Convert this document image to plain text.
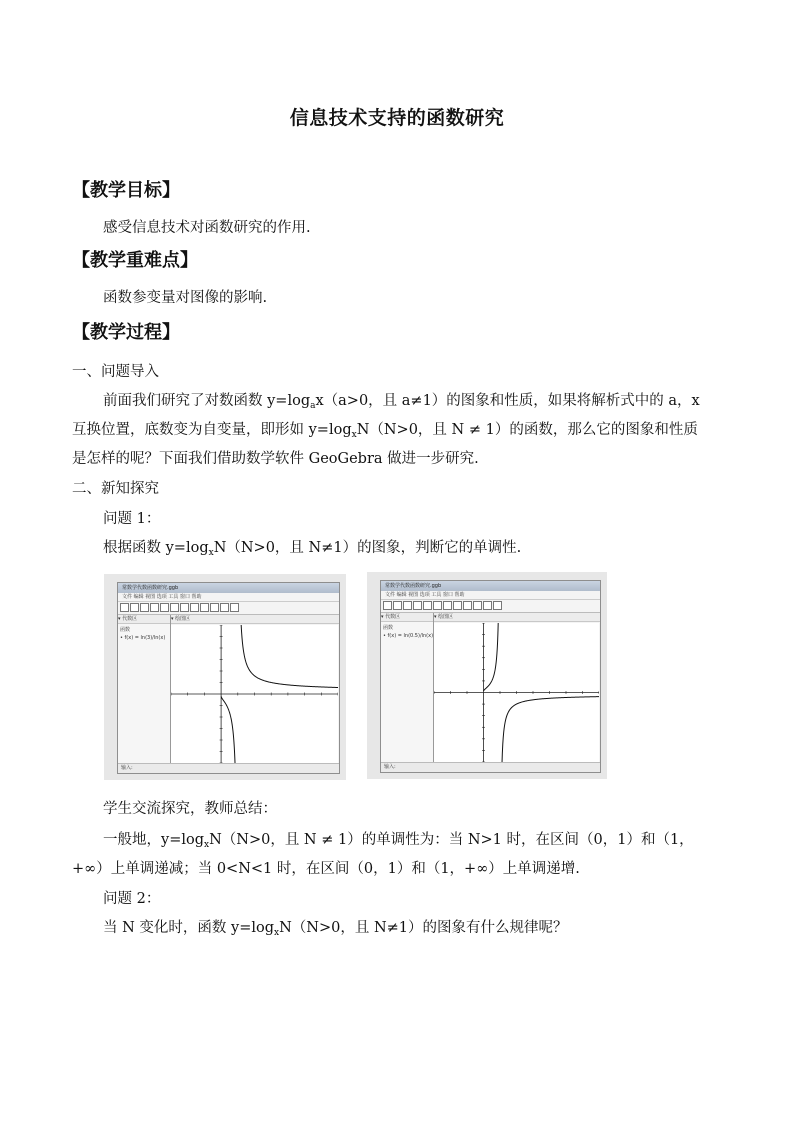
信息技术支持的函数研究
【教学目标】
感受信息技术对函数研究的作用.
【教学重难点】
函数参变量对图像的影响.
【教学过程】
一、问题导入
前面我们研究了对数函数 $y=\log_ax(a>0$，且 a≠1）的图象和性质，如果将解析式中的 a，x
互换位置，底数变为自变量，即形如 $y=\log_xN(N>0$，且 N ≠ 1）的函数，那么它的图象和性质
是怎样的呢？下面我们借助数学软件 GeoGebra 做进一步研究.
二、新知探究
问题 1：
根据函数 $y=\log_xN(N>0$，且 N≠1）的图象，判断它的单调性.
常数学代数函数研究.ggb
文件 编辑 视图 选项 工具 窗口 帮助
▾ 代数区
函数
• f(x) = ln(3)/ln(x)
▾ 绘图区
输入:
常数学代数函数研究.ggb
文件 编辑 视图 选项 工具 窗口 帮助
▾ 代数区
函数
• f(x) = ln(0.5)/ln(x)
▾ 绘图区
输入:
学生交流探究，教师总结：
一般地，$y=\log_xN(N>0$，且 N ≠ 1）的单调性为：当 N>1 时，在区间（0，1）和（1，
+∞）上单调递减；当 0<N<1 时，在区间（0，1）和（1，+∞）上单调递增.
问题 2：
当 N 变化时，函数 $y=\log_xN(N>0$，且 N≠1）的图象有什么规律呢？
